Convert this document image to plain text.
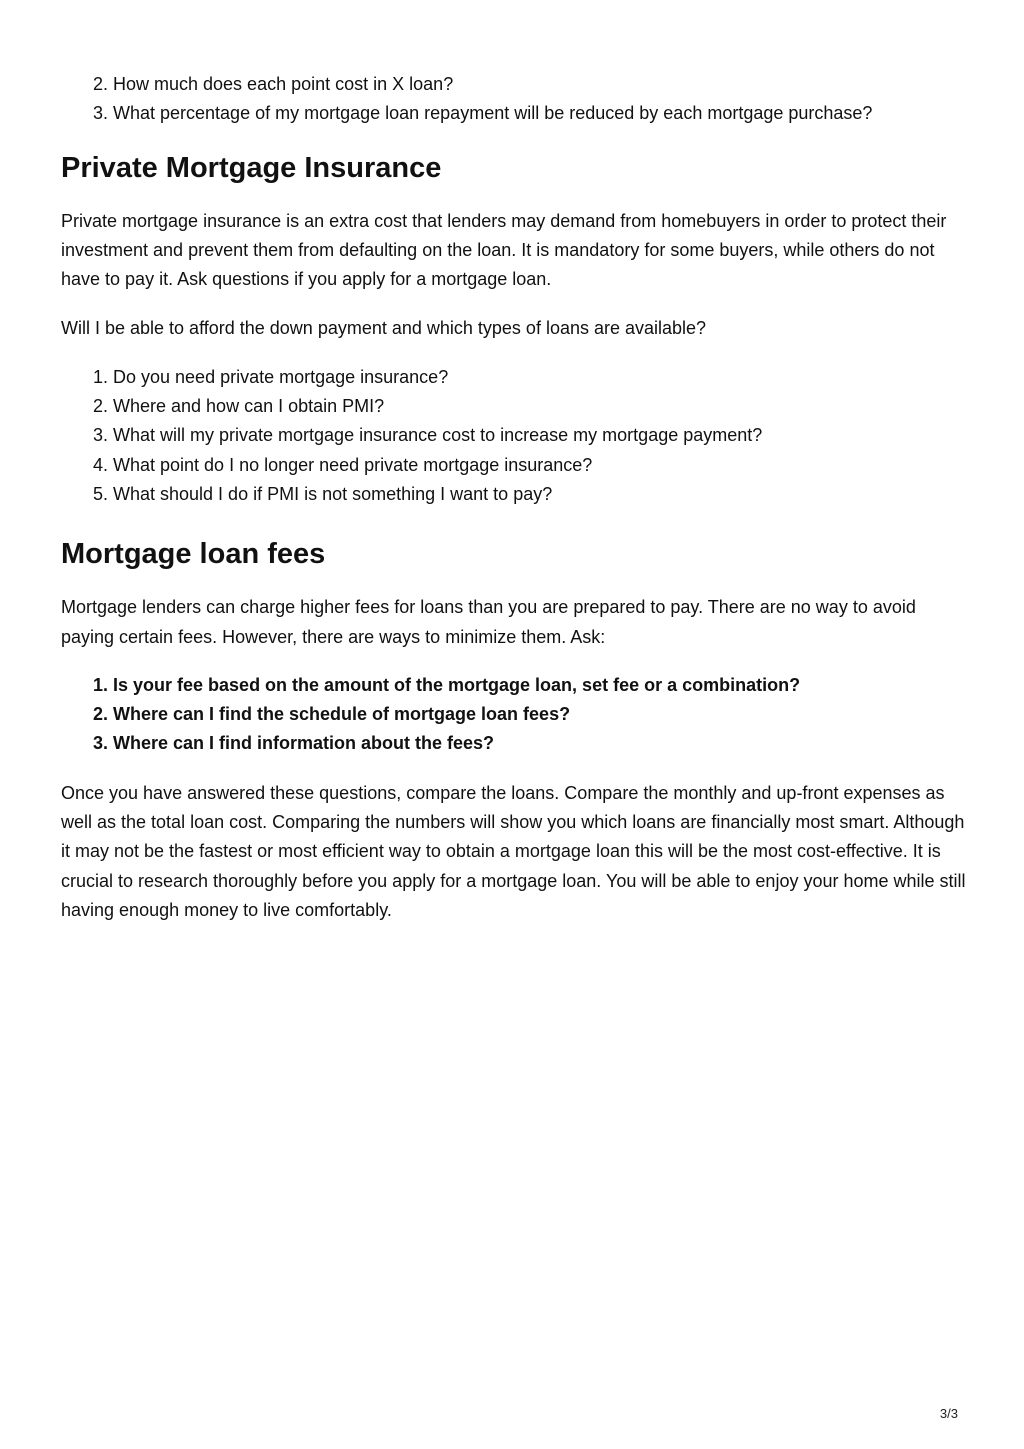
2. How much does each point cost in X loan?
3. What percentage of my mortgage loan repayment will be reduced by each mortgage purchase?
Private Mortgage Insurance

Private mortgage insurance is an extra cost that lenders may demand from homebuyers in order to protect their investment and prevent them from defaulting on the loan. It is mandatory for some buyers, while others do not have to pay it. Ask questions if you apply for a mortgage loan.

Will I be able to afford the down payment and which types of loans are available?

1. Do you need private mortgage insurance?
2. Where and how can I obtain PMI?
3. What will my private mortgage insurance cost to increase my mortgage payment?
4. What point do I no longer need private mortgage insurance?
5. What should I do if PMI is not something I want to pay?
Mortgage loan fees

Mortgage lenders can charge higher fees for loans than you are prepared to pay. There are no way to avoid paying certain fees. However, there are ways to minimize them. Ask:

1. Is your fee based on the amount of the mortgage loan, set fee or a combination?
2. Where can I find the schedule of mortgage loan fees?
3. Where can I find information about the fees?

Once you have answered these questions, compare the loans. Compare the monthly and up-front expenses as well as the total loan cost. Comparing the numbers will show you which loans are financially most smart. Although it may not be the fastest or most efficient way to obtain a mortgage loan this will be the most cost-effective. It is crucial to research thoroughly before you apply for a mortgage loan. You will be able to enjoy your home while still having enough money to live comfortably.

3/3
